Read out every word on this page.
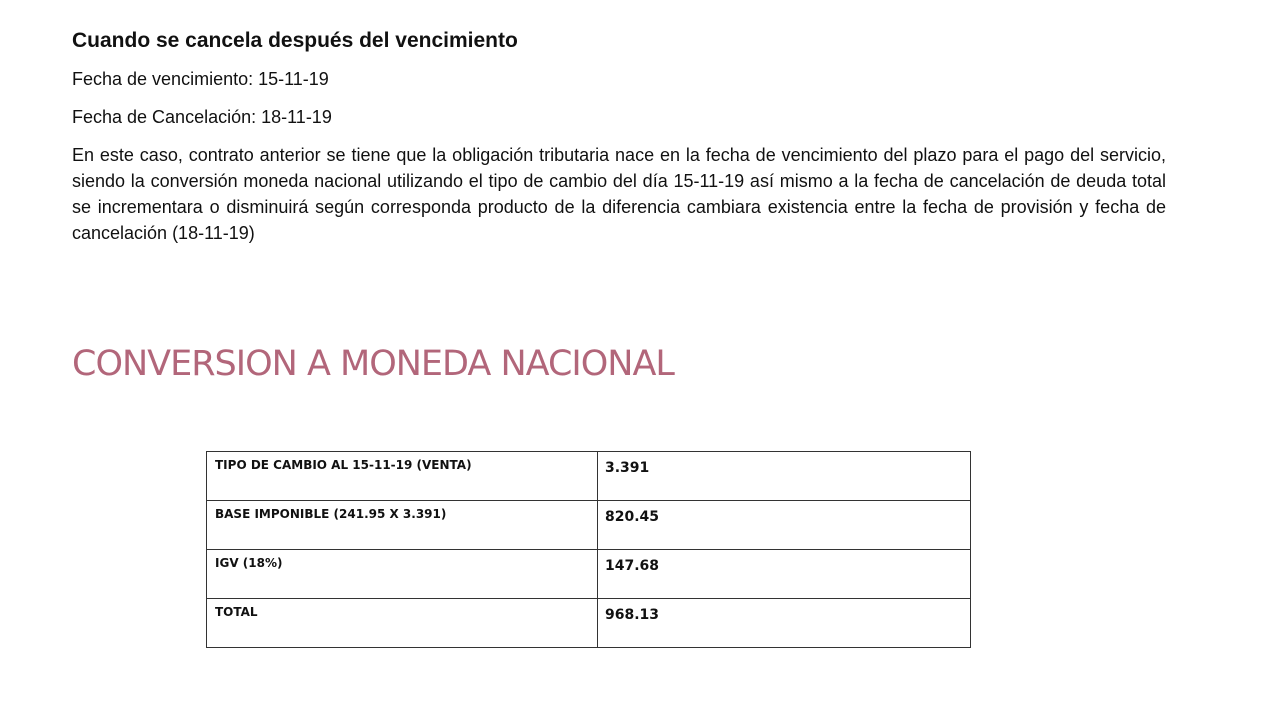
Cuando se cancela después del vencimiento
Fecha de vencimiento: 15-11-19
Fecha de Cancelación: 18-11-19
En este caso, contrato anterior se tiene que la obligación tributaria nace en la fecha de vencimiento del plazo para el pago del servicio, siendo la conversión moneda nacional utilizando el tipo de cambio del día 15-11-19 así mismo a la fecha de cancelación de deuda total se incrementara o disminuirá según corresponda producto de la diferencia cambiara existencia entre la fecha de provisión y fecha de cancelación (18-11-19)
CONVERSION A MONEDA NACIONAL
TIPO DE CAMBIO AL 15-11-19 (VENTA)	3.391
BASE IMPONIBLE (241.95 X 3.391)	820.45
IGV (18%)	147.68
TOTAL	968.13
